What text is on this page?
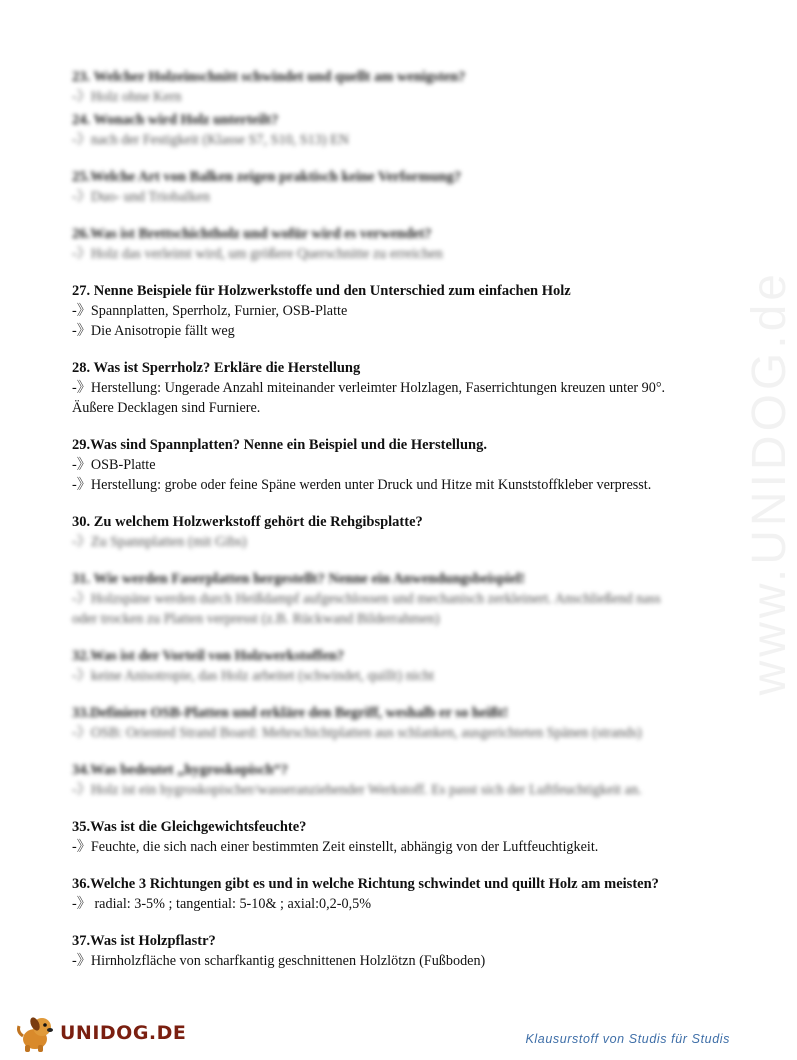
www.UNIDOG.de

23. Welcher Holzeinschnitt schwindet und quellt am wenigsten?

-》Holz ohne Kern

24. Wonach wird Holz unterteilt?

-》nach der Festigkeit (Klasse S7, S10, S13) EN

25.Welche Art von Balken zeigen praktisch keine Verformung?

-》Duo- und Triobalken

26.Was ist Brettschichtholz und wofür wird es verwendet?

-》Holz das verleimt wird, um größere Querschnitte zu erreichen

27. Nenne Beispiele für Holzwerkstoffe und den Unterschied zum einfachen Holz

-》Spannplatten, Sperrholz, Furnier, OSB-Platte

-》Die Anisotropie fällt weg

28. Was ist Sperrholz? Erkläre die Herstellung

-》Herstellung: Ungerade Anzahl miteinander verleimter Holzlagen, Faserrichtungen kreuzen unter 90°. Äußere Decklagen sind Furniere.

29.Was sind Spannplatten? Nenne ein Beispiel und die Herstellung.

-》OSB-Platte

-》Herstellung: grobe oder feine Späne werden unter Druck und Hitze mit Kunststoffkleber verpresst.

30. Zu welchem Holzwerkstoff gehört die Rehgibsplatte?

-》Zu Spannplatten (mit Gibs)

31. Wie werden Faserplatten hergestellt? Nenne ein Anwendungsbeispiel!

-》Holzspäne werden durch Heißdampf aufgeschlossen und mechanisch zerkleinert. Anschließend nass oder trocken zu Platten verpresst (z.B. Rückwand Bilderrahmen)

32.Was ist der Vorteil von Holzwerkstoffen?

-》keine Anisotropie, das Holz arbeitet (schwindet, quillt) nicht

33.Definiere OSB-Platten und erkläre den Begriff, weshalb er so heißt!

-》OSB: Oriented Strand Board: Mehrschichtplatten aus schlanken, ausgerichteten Spänen (strands)

34.Was bedeutet „hygroskopisch“?

-》Holz ist ein hygroskopischer/wasseranziehender Werkstoff. Es passt sich der Luftfeuchtigkeit an.

35.Was ist die Gleichgewichtsfeuchte?

-》Feuchte, die sich nach einer bestimmten Zeit einstellt, abhängig von der Luftfeuchtigkeit.

36.Welche 3 Richtungen gibt es und in welche Richtung schwindet und quillt Holz am meisten?

-》 radial: 3-5% ; tangential: 5-10& ; axial:0,2-0,5%

37.Was ist Holzpflastr?

-》Hirnholzfläche von scharfkantig geschnittenen Holzlötzn (Fußboden)

UNIDOG.DE	Klausurstoff von Studis für Studis
